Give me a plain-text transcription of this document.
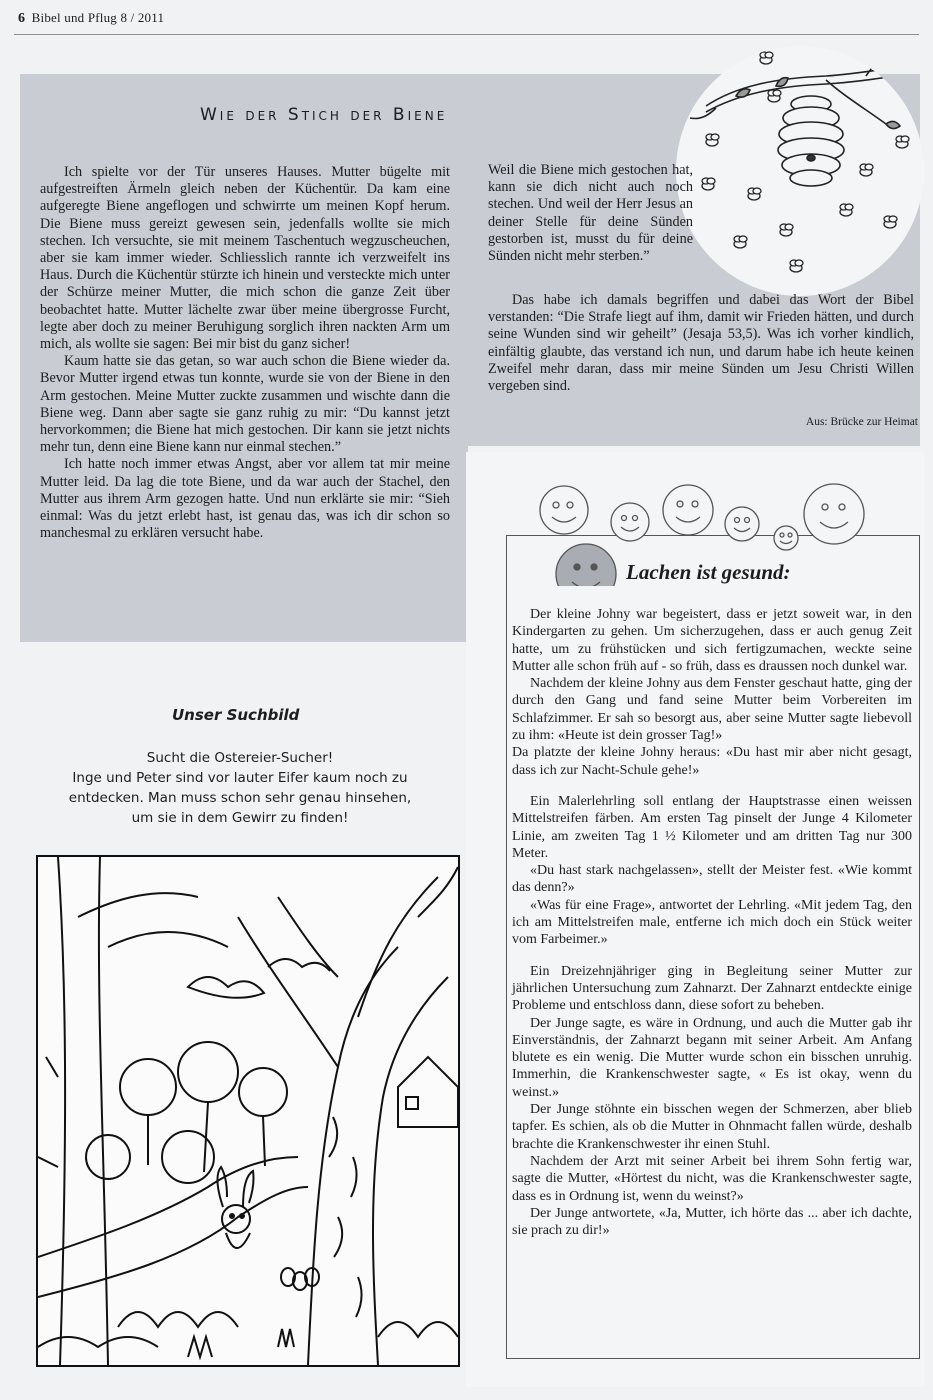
6 Bibel und Pflug 8 / 2011
Wie der Stich der Biene

Ich spielte vor der Tür unseres Hauses. Mutter bügelte mit aufgestreiften Ärmeln gleich neben der Küchentür. Da kam eine aufgeregte Biene angeflogen und schwirrte um meinen Kopf herum. Die Biene muss gereizt gewesen sein, jedenfalls wollte sie mich stechen. Ich versuchte, sie mit meinem Taschentuch wegzuscheuchen, aber sie kam immer wieder. Schliesslich rannte ich verzweifelt ins Haus. Durch die Küchentür stürzte ich hinein und versteckte mich unter der Schürze meiner Mutter, die mich schon die ganze Zeit über beobachtet hatte. Mutter lächelte zwar über meine übergrosse Furcht, legte aber doch zu meiner Beruhigung sorglich ihren nackten Arm um mich, als wollte sie sagen: Bei mir bist du ganz sicher!

Kaum hatte sie das getan, so war auch schon die Biene wieder da. Bevor Mutter irgend etwas tun konnte, wurde sie von der Biene in den Arm gestochen. Meine Mutter zuckte zusammen und wischte dann die Biene weg. Dann aber sagte sie ganz ruhig zu mir: “Du kannst jetzt hervorkommen; die Biene hat mich gestochen. Dir kann sie jetzt nichts mehr tun, denn eine Biene kann nur einmal stechen.”

Ich hatte noch immer etwas Angst, aber vor allem tat mir meine Mutter leid. Da lag die tote Biene, und da war auch der Stachel, den Mutter aus ihrem Arm gezogen hatte. Und nun erklärte sie mir: “Sieh einmal: Was du jetzt erlebt hast, ist genau das, was ich dir schon so manchesmal zu erklären versucht habe.

Weil die Biene mich gestochen hat, kann sie dich nicht auch noch stechen. Und weil der Herr Jesus an deiner Stelle für deine Sünden gestorben ist, musst du für deine Sünden nicht mehr sterben.”

Das habe ich damals begriffen und dabei das Wort der Bibel verstanden: “Die Strafe liegt auf ihm, damit wir Frieden hätten, und durch seine Wunden sind wir geheilt” (Jesaja 53,5). Was ich vorher kindlich, einfältig glaubte, das verstand ich nun, und darum habe ich heute keinen Zweifel mehr daran, dass mir meine Sünden um Jesu Christi Willen vergeben sind.

Aus: Brücke zur Heimat
Lachen ist gesund:

Der kleine Johny war begeistert, dass er jetzt soweit war, in den Kindergarten zu gehen. Um sicherzugehen, dass er auch genug Zeit hatte, um zu frühstücken und sich fertigzumachen, weckte seine Mutter alle schon früh auf - so früh, dass es draussen noch dunkel war.

Nachdem der kleine Johny aus dem Fenster geschaut hatte, ging der durch den Gang und fand seine Mutter beim Vorbereiten im Schlafzimmer. Er sah so besorgt aus, aber seine Mutter sagte liebevoll zu ihm: «Heute ist dein grosser Tag!»

Da platzte der kleine Johny heraus: «Du hast mir aber nicht gesagt, dass ich zur Nacht-Schule gehe!»

Ein Malerlehrling soll entlang der Hauptstrasse einen weissen Mittelstreifen färben. Am ersten Tag pinselt der Junge 4 Kilometer Linie, am zweiten Tag 1 ½ Kilometer und am dritten Tag nur 300 Meter.

«Du hast stark nachgelassen», stellt der Meister fest. «Wie kommt das denn?»

«Was für eine Frage», antwortet der Lehrling. «Mit jedem Tag, den ich am Mittelstreifen male, entferne ich mich doch ein Stück weiter vom Farbeimer.»

Ein Dreizehnjähriger ging in Begleitung seiner Mutter zur jährlichen Untersuchung zum Zahnarzt. Der Zahnarzt entdeckte einige Probleme und entschloss dann, diese sofort zu beheben.

Der Junge sagte, es wäre in Ordnung, und auch die Mutter gab ihr Einverständnis, der Zahnarzt begann mit seiner Arbeit. Am Anfang blutete es ein wenig. Die Mutter wurde schon ein bisschen unruhig. Immerhin, die Krankenschwester sagte, « Es ist okay, wenn du weinst.»

Der Junge stöhnte ein bisschen wegen der Schmerzen, aber blieb tapfer. Es schien, als ob die Mutter in Ohnmacht fallen würde, deshalb brachte die Krankenschwester ihr einen Stuhl.

Nachdem der Arzt mit seiner Arbeit bei ihrem Sohn fertig war, sagte die Mutter, «Hörtest du nicht, was die Krankenschwester sagte, dass es in Ordnung ist, wenn du weinst?»

Der Junge antwortete, «Ja, Mutter, ich hörte das ... aber ich dachte, sie prach zu dir!»

Unser Suchbild
Sucht die Ostereier-Sucher!
Inge und Peter sind vor lauter Eifer kaum noch zu
entdecken. Man muss schon sehr genau hinsehen,
um sie in dem Gewirr zu finden!
